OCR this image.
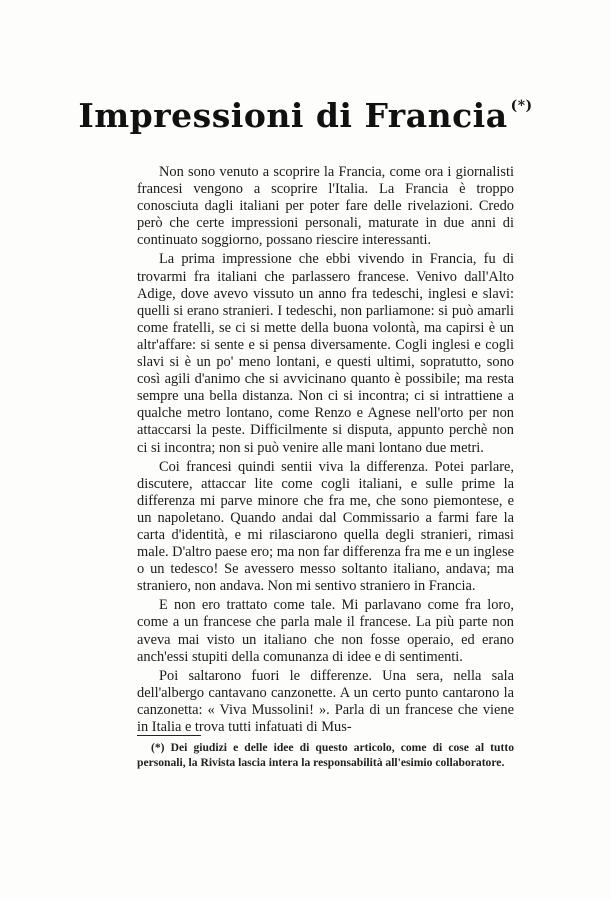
Impressioni di Francia (*)

Non sono venuto a scoprire la Francia, come ora i giornalisti francesi vengono a scoprire l'Italia. La Francia è troppo conosciuta dagli italiani per poter fare delle rivelazioni. Credo però che certe impressioni personali, maturate in due anni di continuato soggiorno, possano riescire interessanti.

La prima impressione che ebbi vivendo in Francia, fu di trovarmi fra italiani che parlassero francese. Venivo dall'Alto Adige, dove avevo vissuto un anno fra tedeschi, inglesi e slavi: quelli si erano stranieri. I tedeschi, non parliamone: si può amarli come fratelli, se ci si mette della buona volontà, ma capirsi è un altr'affare: si sente e si pensa diversamente. Cogli inglesi e cogli slavi si è un po' meno lontani, e questi ultimi, sopratutto, sono così agili d'animo che si avvicinano quanto è possibile; ma resta sempre una bella distanza. Non ci si incontra; ci si intrattiene a qualche metro lontano, come Renzo e Agnese nell'orto per non attaccarsi la peste. Difficilmente si disputa, appunto perchè non ci si incontra; non si può venire alle mani lontano due metri.

Coi francesi quindi sentii viva la differenza. Potei parlare, discutere, attaccar lite come cogli italiani, e sulle prime la differenza mi parve minore che fra me, che sono piemontese, e un napoletano. Quando andai dal Commissario a farmi fare la carta d'identità, e mi rilasciarono quella degli stranieri, rimasi male. D'altro paese ero; ma non far differenza fra me e un inglese o un tedesco! Se avessero messo soltanto italiano, andava; ma straniero, non andava. Non mi sentivo straniero in Francia.

E non ero trattato come tale. Mi parlavano come fra loro, come a un francese che parla male il francese. La più parte non aveva mai visto un italiano che non fosse operaio, ed erano anch'essi stupiti della comunanza di idee e di sentimenti.

Poi saltarono fuori le differenze. Una sera, nella sala dell'albergo cantavano canzonette. A un certo punto cantarono la canzonetta: « Viva Mussolini! ». Parla di un francese che viene in Italia e trova tutti infatuati di Mus-

(*) Dei giudizi e delle idee di questo articolo, come di cose al tutto personali, la Rivista lascia intera la responsabilità all'esimio collaboratore.
